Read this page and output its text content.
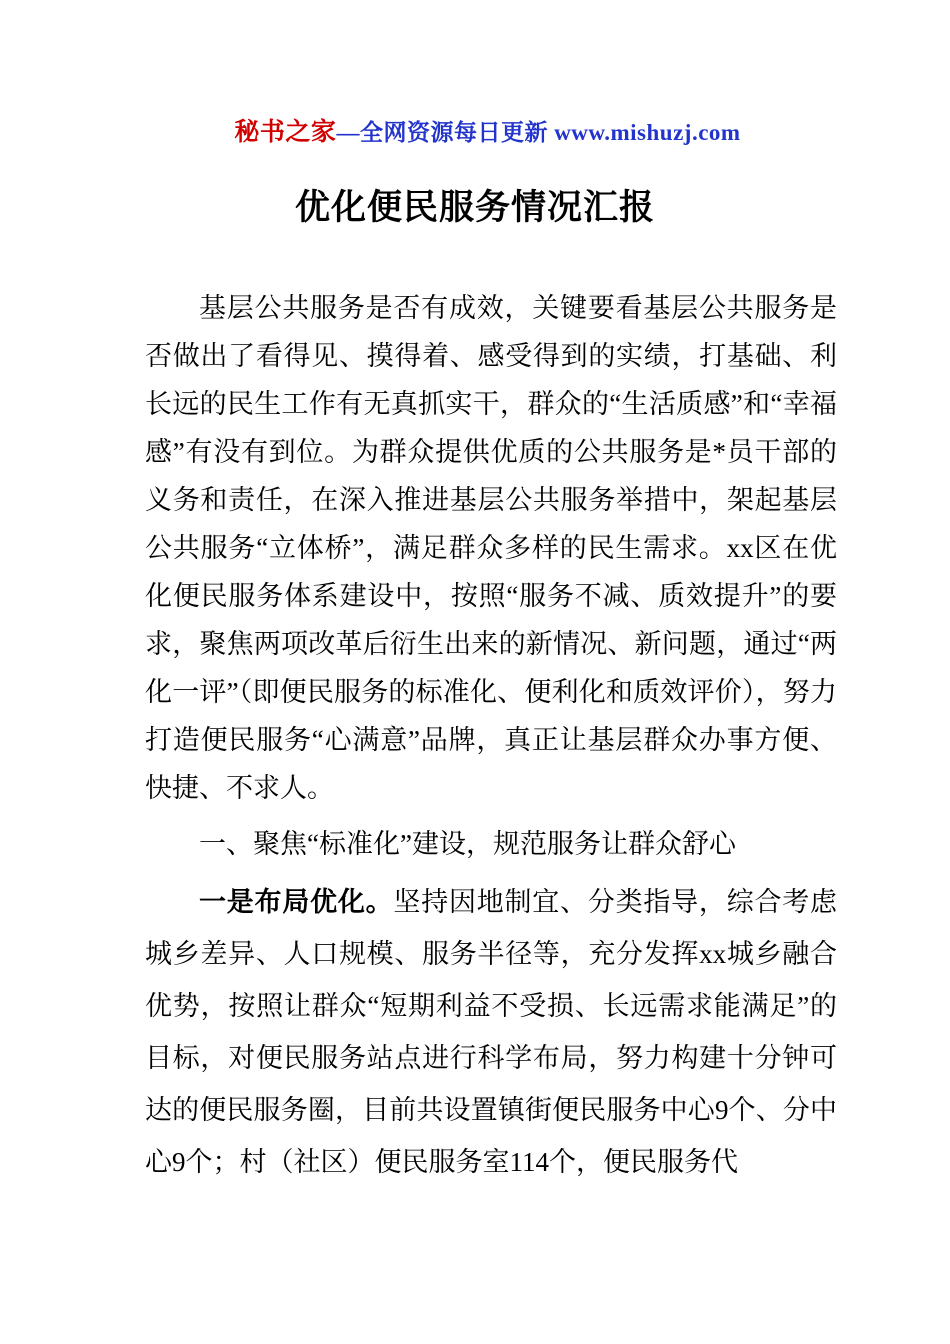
秘书之家—全网资源每日更新 www.mishuzj.com

优化便民服务情况汇报

基层公共服务是否有成效，关键要看基层公共服务是否做出了看得见、摸得着、感受得到的实绩，打基础、利长远的民生工作有无真抓实干，群众的“生活质感”和“幸福感”有没有到位。为群众提供优质的公共服务是*员干部的义务和责任，在深入推进基层公共服务举措中，架起基层公共服务“立体桥”，满足群众多样的民生需求。xx区在优化便民服务体系建设中，按照“服务不减、质效提升”的要求，聚焦两项改革后衍生出来的新情况、新问题，通过“两化一评”（即便民服务的标准化、便利化和质效评价），努力打造便民服务“心满意”品牌，真正让基层群众办事方便、快捷、不求人。

一、聚焦“标准化”建设，规范服务让群众舒心

一是布局优化。坚持因地制宜、分类指导，综合考虑城乡差异、人口规模、服务半径等，充分发挥xx城乡融合优势，按照让群众“短期利益不受损、长远需求能满足”的目标，对便民服务站点进行科学布局，努力构建十分钟可达的便民服务圈，目前共设置镇街便民服务中心9个、分中心9个；村（社区）便民服务室114个，便民服务代
